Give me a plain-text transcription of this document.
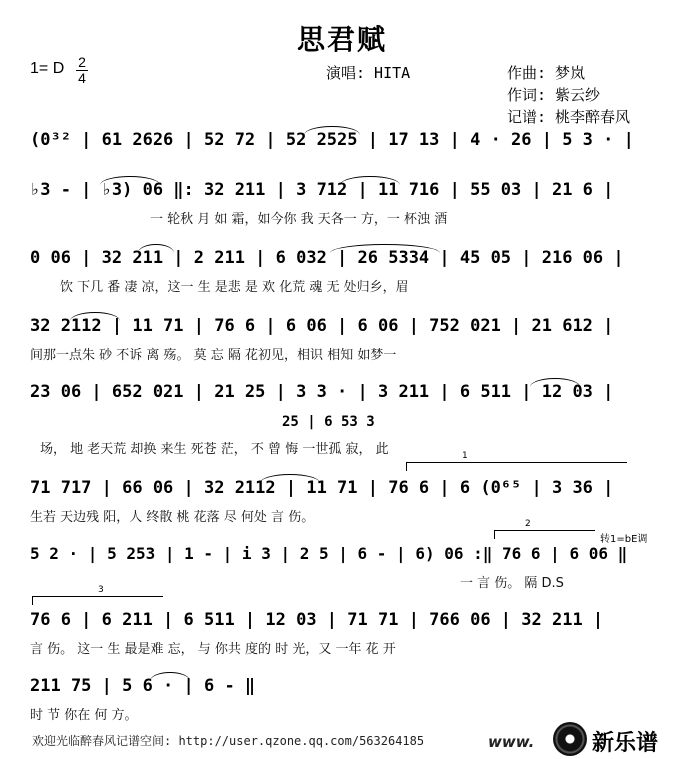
思君赋
1= D 2
4	演唱: HITA	作曲: 梦岚
作词: 紫云纱
记谱: 桃李醉春风
(0³² | 61 2626 | 52 72 | 52 2525 | 17 13 | 4 · 26 | 5 3 · |
♭3 - | ♭3) 06 ‖: 32 211 | 3 712 | 11 716 | 55 03 | 21 6 |
一 轮秋 月 如 霜，如今你 我 天各一 方，一 杯浊 酒
0 06 | 32 211 | 2 211 | 6 032 | 26 5334 | 45 05 | 216 06 |
饮 下几 番 凄 凉，这一 生 是悲 是 欢 化荒 魂 无 处归乡，眉
32 2112 | 11 71 | 76 6 | 6 06 | 6 06 | 752 021 | 21 612 |
间那一点朱 砂 不诉 离 殇。 莫 忘 隔 花初见，相识 相知 如梦一
23 06 | 652 021 | 21 25 | 3 3 · | 3 211 | 6 511 | 12 03 |
25 | 6 53 3
场， 地 老天荒 却换 来生 死苍 茫， 不 曾 悔 一世孤 寂， 此	1
71 717 | 66 06 | 32 2112 | 11 71 | 76 6 | 6 (0⁶⁵ | 3 36 |
生若 天边残 阳，人 终散 桃 花落 尽 何处 言 伤。	2
转1=bE调
5 2 · | 5 253 | 1 - | i 3 | 2 5 | 6 - | 6) 06 :‖ 76 6 | 6 06 ‖
一 言 伤。 隔 D.S
3
76 6 | 6 211 | 6 511 | 12 03 | 71 71 | 766 06 | 32 211 |
言 伤。 这一 生 最是难 忘， 与 你共 度的 时 光，又 一年 花 开
211 75 | 5 6 · | 6 - ‖
时 节 你在 何 方。
欢迎光临醉春风记谱空间: http://user.qzone.qq.com/563264185	www.	新乐谱
